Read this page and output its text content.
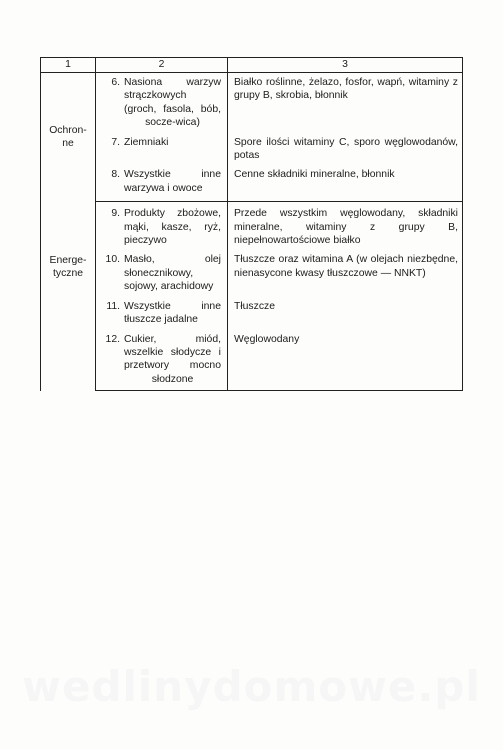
1	2	3
Ochron-
ne	6. Nasiona warzyw strączkowych (groch, fasola, bób, socze-wica)	Białko roślinne, żelazo, fosfor, wapń, witaminy z grupy B, skrobia, błonnik

	7. Ziemniaki	Spore ilości witaminy C, sporo węglowodanów, potas

	8. Wszystkie inne warzywa i owoce	Cenne składniki mineralne, błonnik

Energe-
tyczne	9. Produkty zbożowe, mąki, kasze, ryż, pieczywo	Przede wszystkim węglowodany, składniki mineralne, witaminy z grupy B, niepełnowartościowe białko

	10. Masło, olej słonecznikowy, sojowy, arachidowy	Tłuszcze oraz witamina A (w olejach niezbędne, nienasycone kwasy tłuszczowe — NNKT)

	11. Wszystkie inne tłuszcze jadalne	Tłuszcze

	12. Cukier, miód, wszelkie słodycze i przetwory mocno słodzone	Węglowodany
wedlinydomowe.pl
